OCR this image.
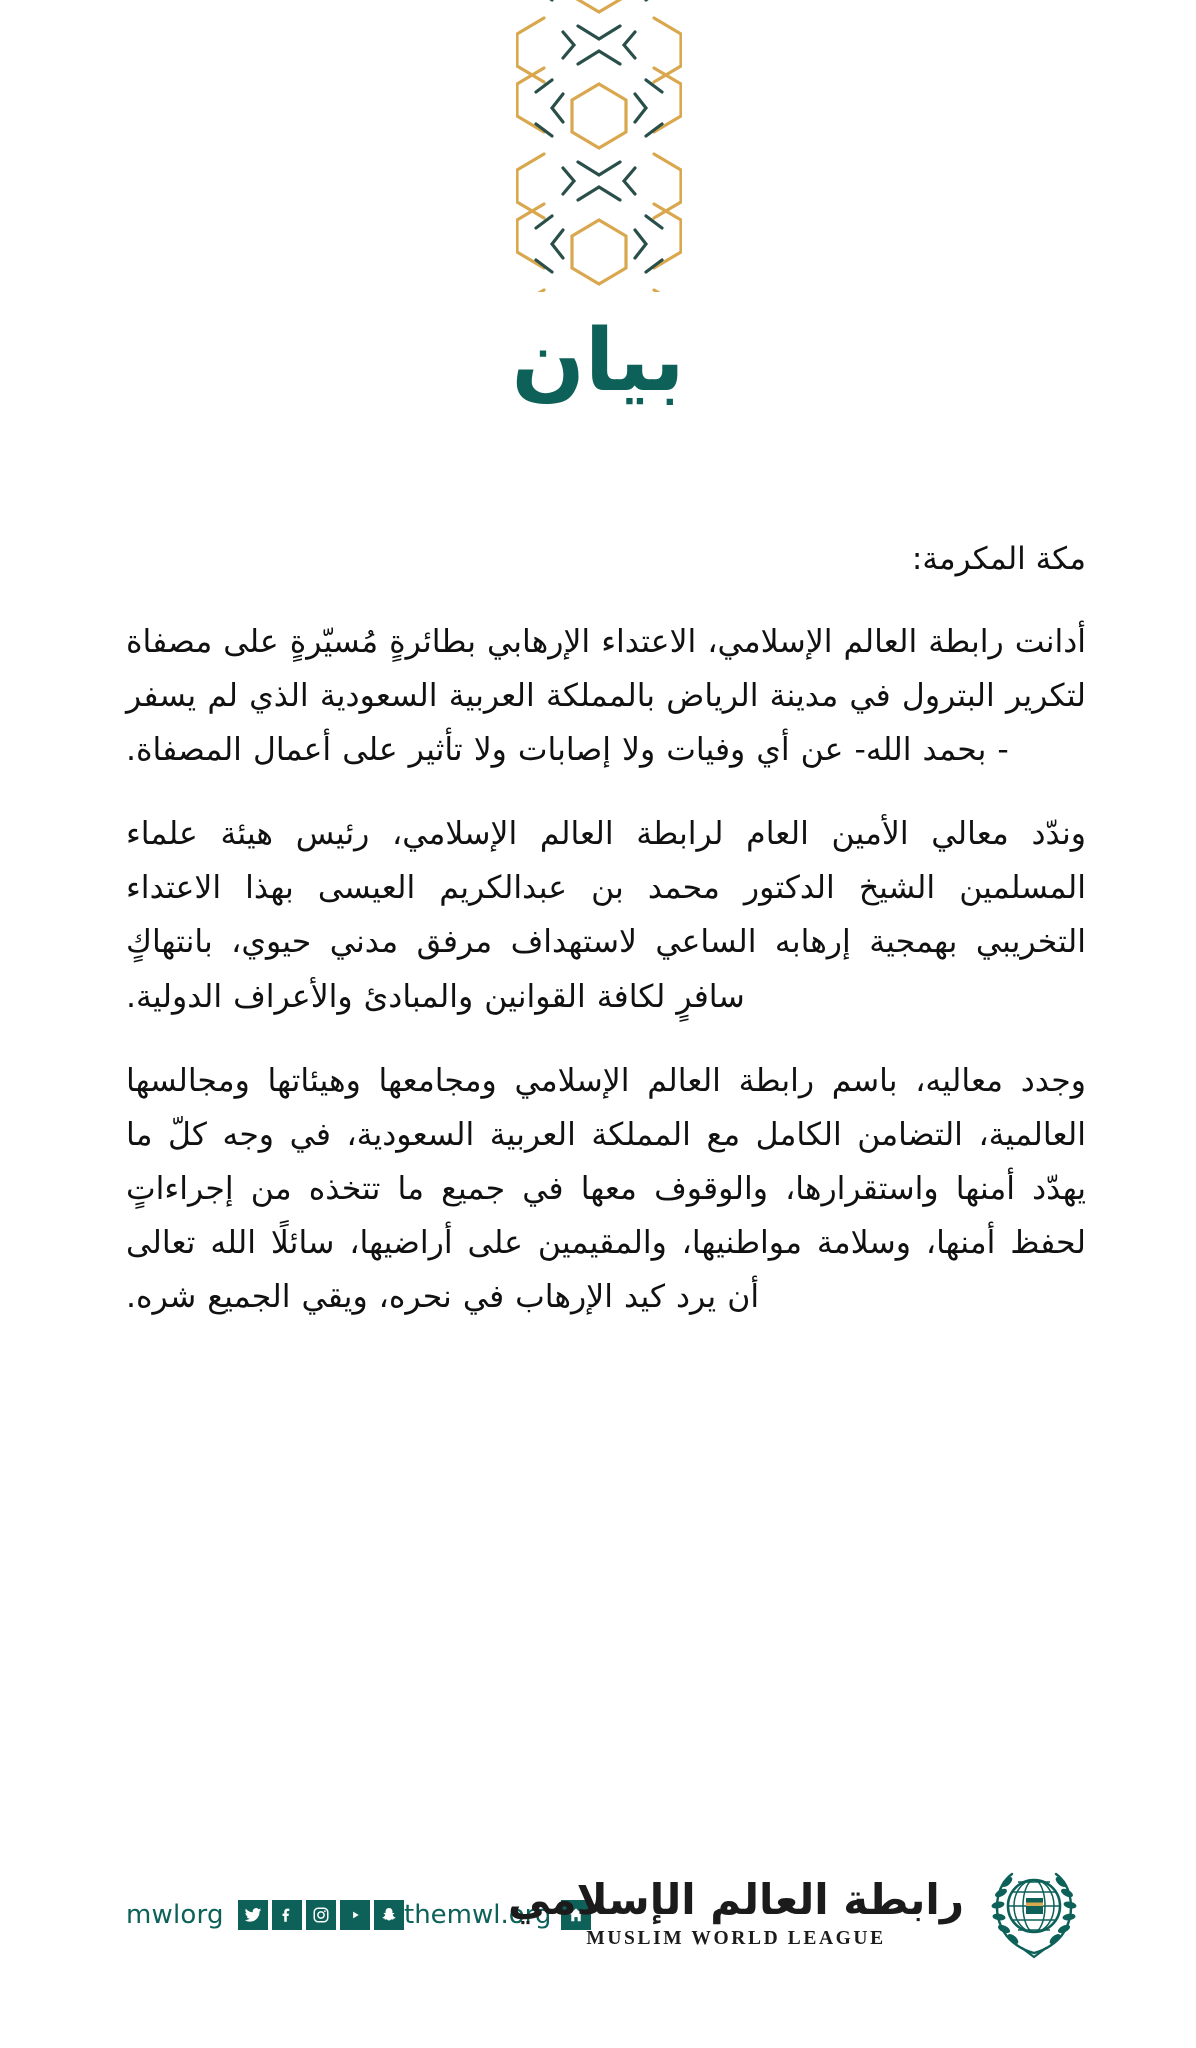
بيان
مكة المكرمة:

أدانت رابطة العالم الإسلامي، الاعتداء الإرهابي بطائرةٍ مُسيّرةٍ على مصفاة لتكرير البترول في مدينة الرياض بالمملكة العربية السعودية الذي لم يسفر - بحمد الله- عن أي وفيات ولا إصابات ولا تأثير على أعمال المصفاة.

وندّد معالي الأمين العام لرابطة العالم الإسلامي، رئيس هيئة علماء المسلمين الشيخ الدكتور محمد بن عبدالكريم العيسى بهذا الاعتداء التخريبي بهمجية إرهابه الساعي لاستهداف مرفق مدني حيوي، بانتهاكٍ سافرٍ لكافة القوانين والمبادئ والأعراف الدولية.

وجدد معاليه، باسم رابطة العالم الإسلامي ومجامعها وهيئاتها ومجالسها العالمية، التضامن الكامل مع المملكة العربية السعودية، في وجه كلّ ما يهدّد أمنها واستقرارها، والوقوف معها في جميع ما تتخذه من إجراءاتٍ لحفظ أمنها، وسلامة مواطنيها، والمقيمين على أراضيها، سائلًا الله تعالى أن يرد كيد الإرهاب في نحره، ويقي الجميع شره.

mwlorg	themwl.org
رابطة العالم الإسلامي
MUSLIM WORLD LEAGUE
